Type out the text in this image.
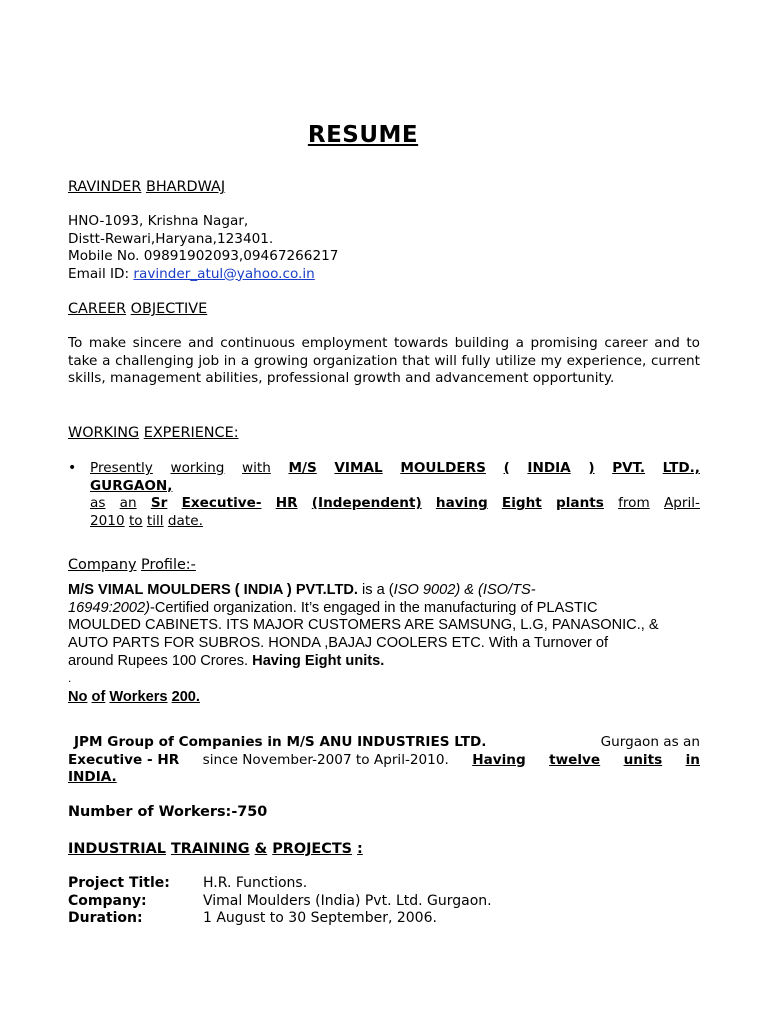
RESUME
RAVINDER BHARDWAJ
HNO-1093, Krishna Nagar,
Distt-Rewari,Haryana,123401.
Mobile No. 09891902093,09467266217
Email ID: ravinder_atul@yahoo.co.in
CAREER OBJECTIVE
To make sincere and continuous employment towards building a promising career and to take a challenging job in a growing organization that will fully utilize my experience, current skills, management abilities, professional growth and advancement opportunity.
WORKING EXPERIENCE:
• Presently working with M/S VIMAL MOULDERS ( INDIA ) PVT. LTD.,
GURGAON,
as an Sr Executive- HR (Independent) having Eight plants from April-
2010 to till date.
Company Profile:-
M/S VIMAL MOULDERS ( INDIA ) PVT.LTD. is a (ISO 9002) & (ISO/TS-
16949:2002)-Certified organization. It’s engaged in the manufacturing of PLASTIC
MOULDED CABINETS. ITS MAJOR CUSTOMERS ARE SAMSUNG, L.G, PANASONIC., &
AUTO PARTS FOR SUBROS. HONDA ,BAJAJ COOLERS ETC. With a Turnover of
around Rupees 100 Crores. Having Eight units.
.
No of Workers 200.
JPM Group of Companies in M/S ANU INDUSTRIES LTD.	Gurgaon as an
Executive - HR since November-2007 to April-2010. Having twelve units in
INDIA.
Number of Workers:-750
INDUSTRIAL TRAINING & PROJECTS :
Project Title: H.R. Functions.
Company:	Vimal Moulders (India) Pvt. Ltd. Gurgaon.
Duration:	1 August to 30 September, 2006.
